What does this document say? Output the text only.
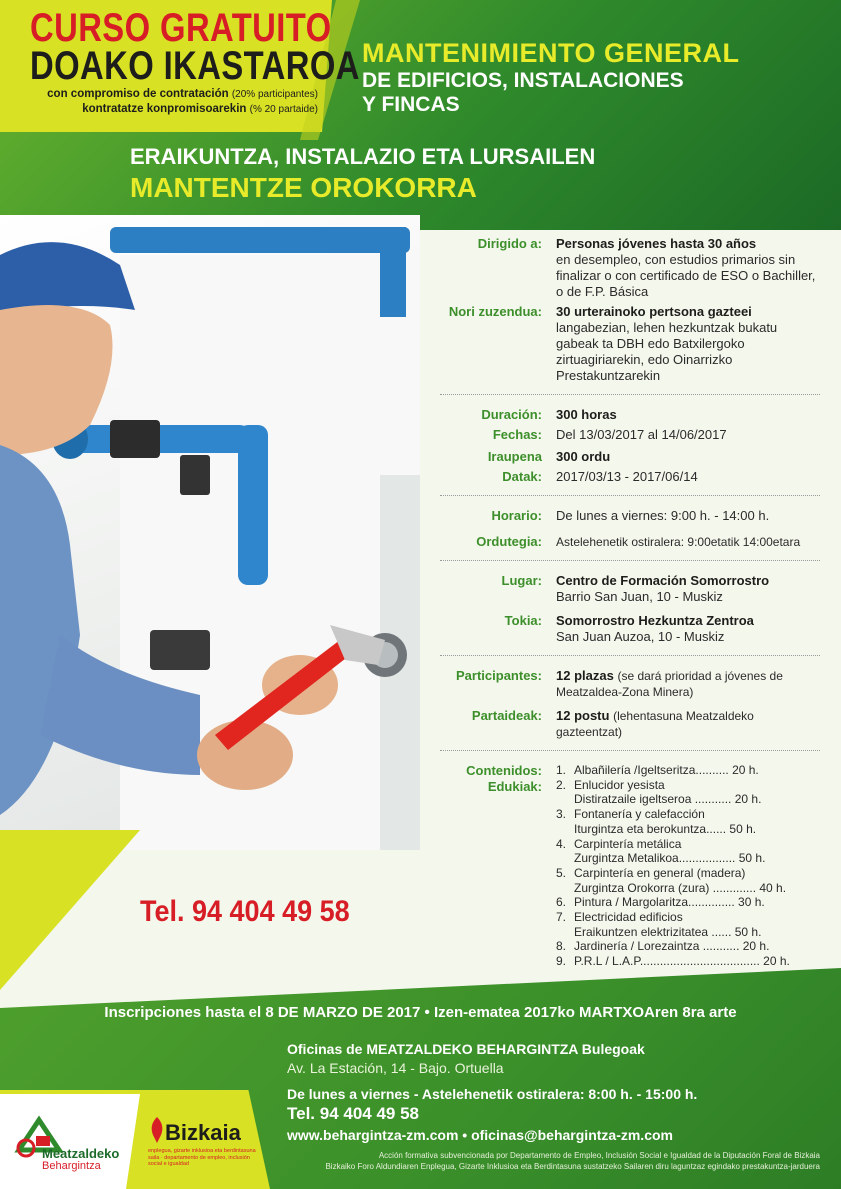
CURSO GRATUITO
DOAKO IKASTAROA
con compromiso de contratación (20% participantes)
kontratatze konpromisoarekin (% 20 partaide)
MANTENIMIENTO GENERAL
DE EDIFICIOS, INSTALACIONES
Y FINCAS
ERAIKUNTZA, INSTALAZIO ETA LURSAILEN
MANTENTZE OROKORRA
Dirigido a:	Personas jóvenes hasta 30 años
en desempleo, con estudios primarios sin finalizar o con certificado de ESO o Bachiller, o de F.P. Básica
Nori zuzendua:	30 urterainoko pertsona gazteei
langabezian, lehen hezkuntzak bukatu gabeak ta DBH edo Batxilergoko zirtuagiriarekin, edo Oinarrizko Prestakuntzarekin
Duración:	300 horas
Fechas:	Del 13/03/2017 al 14/06/2017
Iraupena	300 ordu
Datak:	2017/03/13 - 2017/06/14
Horario:	De lunes a viernes: 9:00 h. - 14:00 h.
Ordutegia:	Astelehenetik ostiralera: 9:00etatik 14:00etara
Lugar:	Centro de Formación Somorrostro
Barrio San Juan, 10 - Muskiz
Tokia:	Somorrostro Hezkuntza Zentroa
San Juan Auzoa, 10 - Muskiz
Participantes:	12 plazas (se dará prioridad a jóvenes de Meatzaldea-Zona Minera)
Partaideak:	12 postu (lehentasuna Meatzaldeko gazteentzat)
Contenidos:
Edukiak:
1. Albañilería /Igeltseritza.......... 20 h.
2. Enlucidor yesista
Distiratzaile igeltseroa ........... 20 h.
3. Fontanería y calefacción
Iturgintza eta berokuntza...... 50 h.
4. Carpintería metálica
Zurgintza Metalikoa................. 50 h.
5. Carpintería en general (madera)
Zurgintza Orokorra (zura) ............. 40 h.
6. Pintura / Margolaritza.............. 30 h.
7. Electricidad edificios
Eraikuntzen elektrizitatea ...... 50 h.
8. Jardinería / Lorezaintza ........... 20 h.
9. P.R.L / L.A.P.................................... 20 h.
Tel. 94 404 49 58
Inscripciones hasta el 8 DE MARZO DE 2017 • Izen-ematea 2017ko MARTXOAren 8ra arte
Oficinas de MEATZALDEKO BEHARGINTZA Bulegoak
Av. La Estación, 14 - Bajo. Ortuella
De lunes a viernes - Astelehenetik ostiralera: 8:00 h. - 15:00 h.
Tel. 94 404 49 58
www.behargintza-zm.com • oficinas@behargintza-zm.com
Acción formativa subvencionada por Departamento de Empleo, Inclusión Social e Igualdad de la Diputación Foral de Bizkaia
Bizkaiko Foro Aldundiaren Enplegua, Gizarte Inklusioa eta Berdintasuna sustatzeko Sailaren diru laguntzaz egindako prestakuntza-jarduera
Meatzaldeko
Behargintza
Bizkaia
enplegua, gizarte inklusioa eta berdintasuna saila · departamento de empleo, inclusión social e igualdad
